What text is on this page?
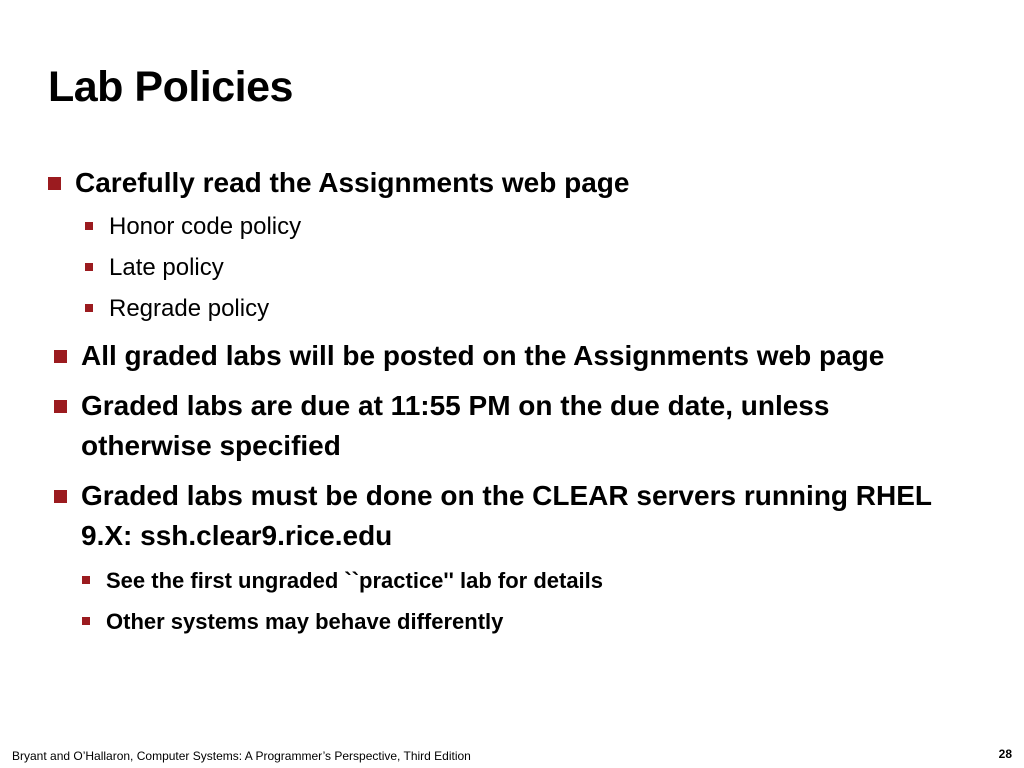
Lab Policies
Carefully read the Assignments web page
Honor code policy
Late policy
Regrade policy
All graded labs will be posted on the Assignments web page
Graded labs are due at 11:55 PM on the due date, unless otherwise specified
Graded labs must be done on the CLEAR servers running RHEL 9.X: ssh.clear9.rice.edu
See the first ungraded ``practice'' lab for details
Other systems may behave differently
Bryant and O’Hallaron, Computer Systems: A Programmer’s Perspective, Third Edition	28
